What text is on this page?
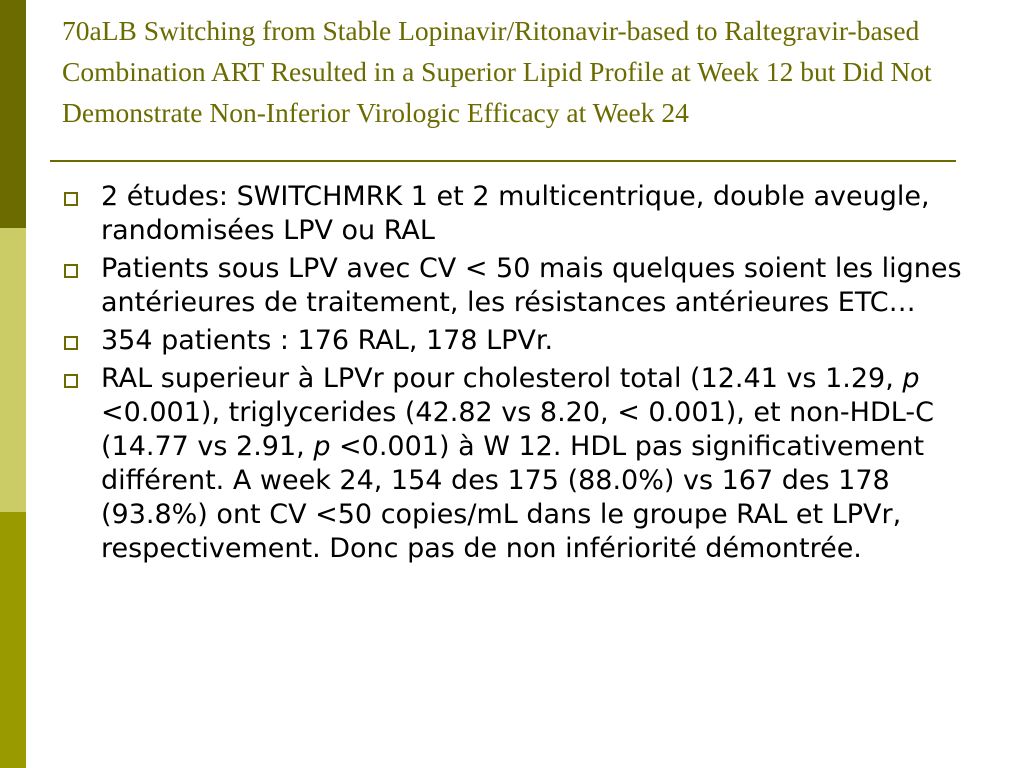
70aLB Switching from Stable Lopinavir/Ritonavir-based to Raltegravir-based Combination ART Resulted in a Superior Lipid Profile at Week 12 but Did Not Demonstrate Non-Inferior Virologic Efficacy at Week 24
2 études: SWITCHMRK 1 et 2 multicentrique, double aveugle, randomisées LPV ou RAL
Patients sous LPV avec CV < 50 mais quelques soient les lignes antérieures de traitement, les résistances antérieures ETC…
354 patients : 176 RAL, 178 LPVr.
RAL superieur à LPVr pour cholesterol total (12.41 vs 1.29, p <0.001), triglycerides (42.82 vs 8.20, < 0.001), et non-HDL-C (14.77 vs 2.91, p <0.001) à W 12. HDL pas significativement différent. A week 24, 154 des 175 (88.0%) vs 167 des 178 (93.8%) ont CV <50 copies/mL dans le groupe RAL et LPVr, respectivement. Donc pas de non infériorité démontrée.
